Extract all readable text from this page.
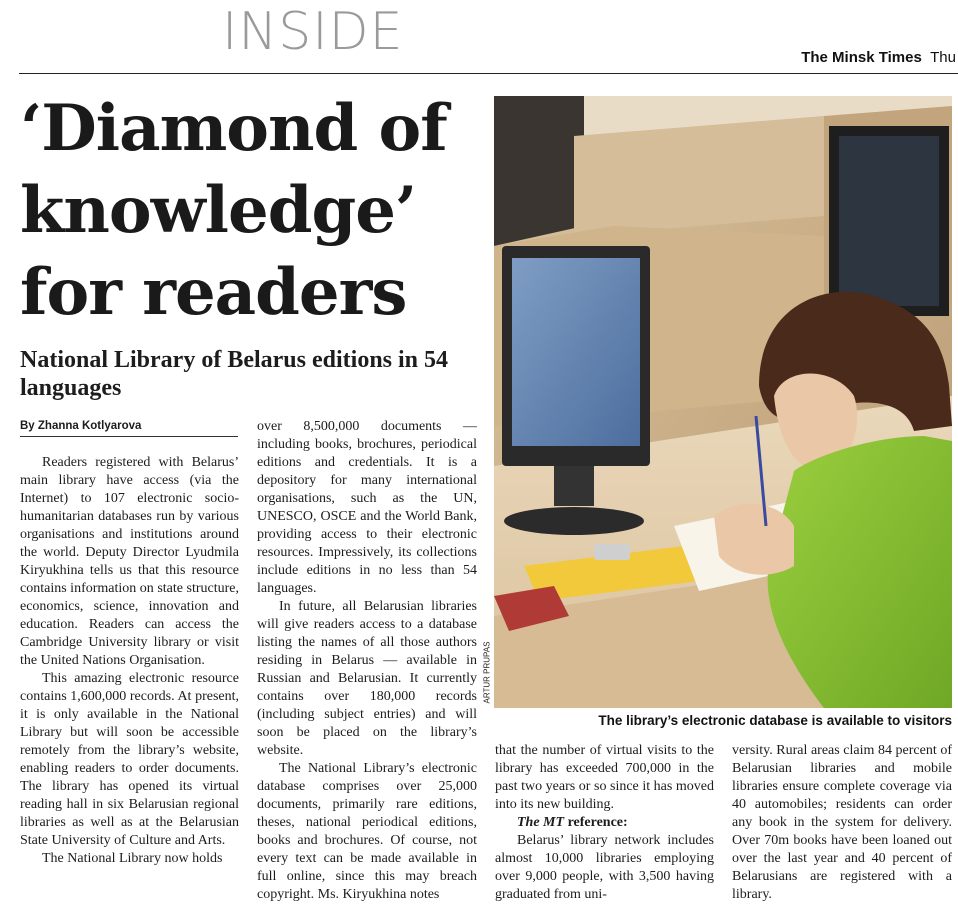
INSIDE	The Minsk Times Thu
‘Diamond of
knowledge’
for readers
National Library of Belarus editions in 54 languages
By Zhanna Kotlyarova

Readers registered with Belarus’ main library have access (via the Internet) to 107 electronic socio-humanitarian databases run by various organisations and institutions around the world. Deputy Director Lyudmila Kiryukhina tells us that this resource contains information on state structure, economics, science, innovation and education. Readers can access the Cambridge University library or visit the United Nations Organisation.

This amazing electronic resource contains 1,600,000 records. At present, it is only available in the National Library but will soon be accessible remotely from the library’s website, enabling readers to order documents. The library has opened its virtual reading hall in six Belarusian regional libraries as well as at the Belarusian State University of Culture and Arts.

The National Library now holds

over 8,500,000 documents — including books, brochures, periodical editions and credentials. It is a depository for many international organisations, such as the UN, UNESCO, OSCE and the World Bank, providing access to their electronic resources. Impressively, its collections include editions in no less than 54 languages.

In future, all Belarusian libraries will give readers access to a database listing the names of all those authors residing in Belarus — available in Russian and Belarusian. It currently contains over 180,000 records (including subject entries) and will soon be placed on the library’s website.

The National Library’s electronic database comprises over 25,000 documents, primarily rare editions, theses, national periodical editions, books and brochures. Of course, not every text can be made available in full online, since this may breach copyright. Ms. Kiryukhina notes

ARTUR PRUPAS
The library’s electronic database is available to visitors

that the number of virtual visits to the library has exceeded 700,000 in the past two years or so since it has moved into its new building.

The MT reference:

Belarus’ library network includes almost 10,000 libraries employing over 9,000 people, with 3,500 having graduated from uni-

versity. Rural areas claim 84 percent of Belarusian libraries and mobile libraries ensure complete coverage via 40 automobiles; residents can order any book in the system for delivery. Over 70m books have been loaned out over the last year and 40 percent of Belarusians are registered with a library.
